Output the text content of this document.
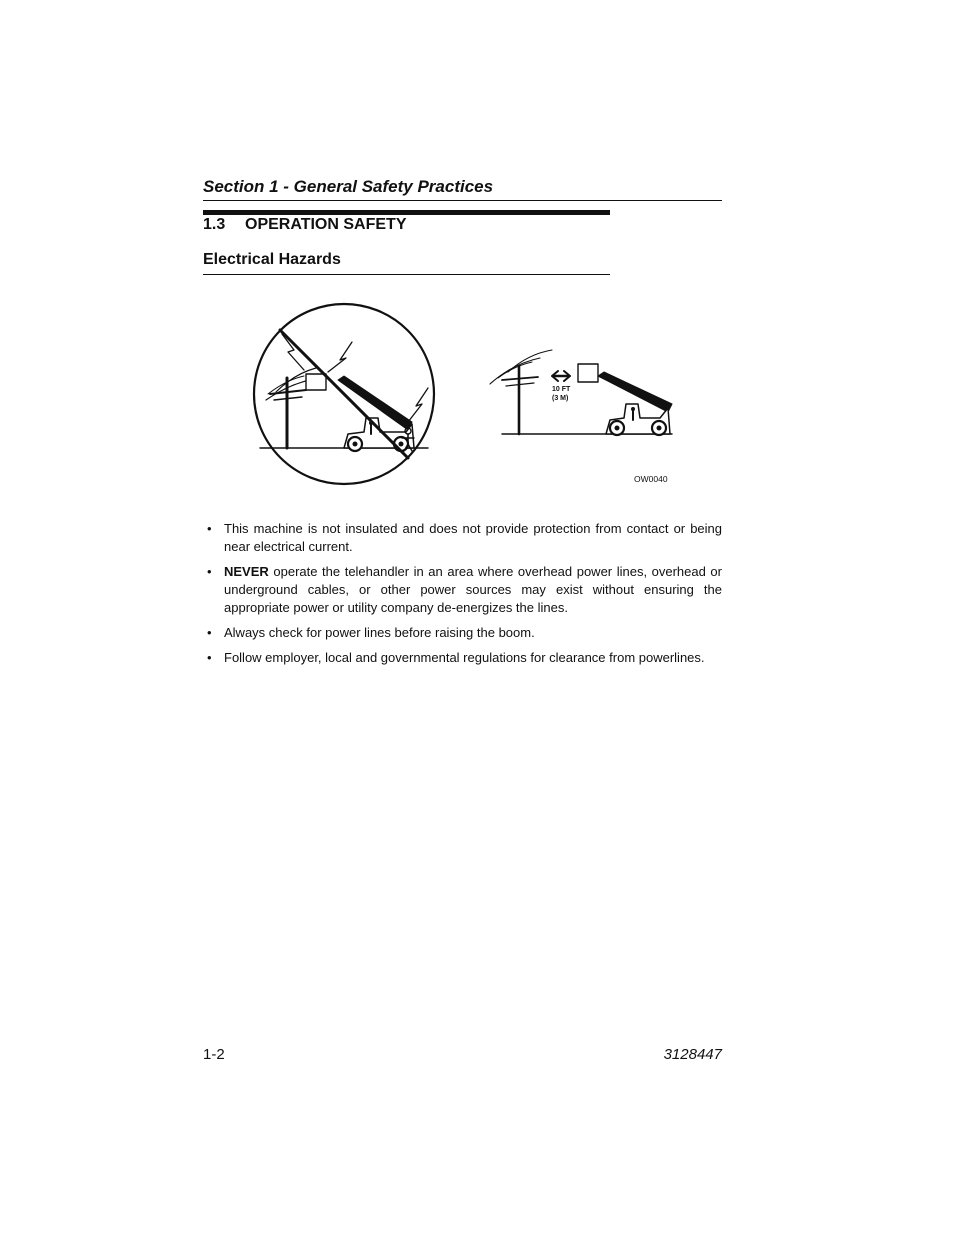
Section 1 - General Safety Practices
1.3 OPERATION SAFETY
Electrical Hazards
10 FT
(3 M)
OW0040
• This machine is not insulated and does not provide protection from contact or being near electrical current.
• NEVER operate the telehandler in an area where overhead power lines, overhead or underground cables, or other power sources may exist without ensuring the appropriate power or utility company de-energizes the lines.
• Always check for power lines before raising the boom.
• Follow employer, local and governmental regulations for clearance from powerlines.
1-2	3128447
